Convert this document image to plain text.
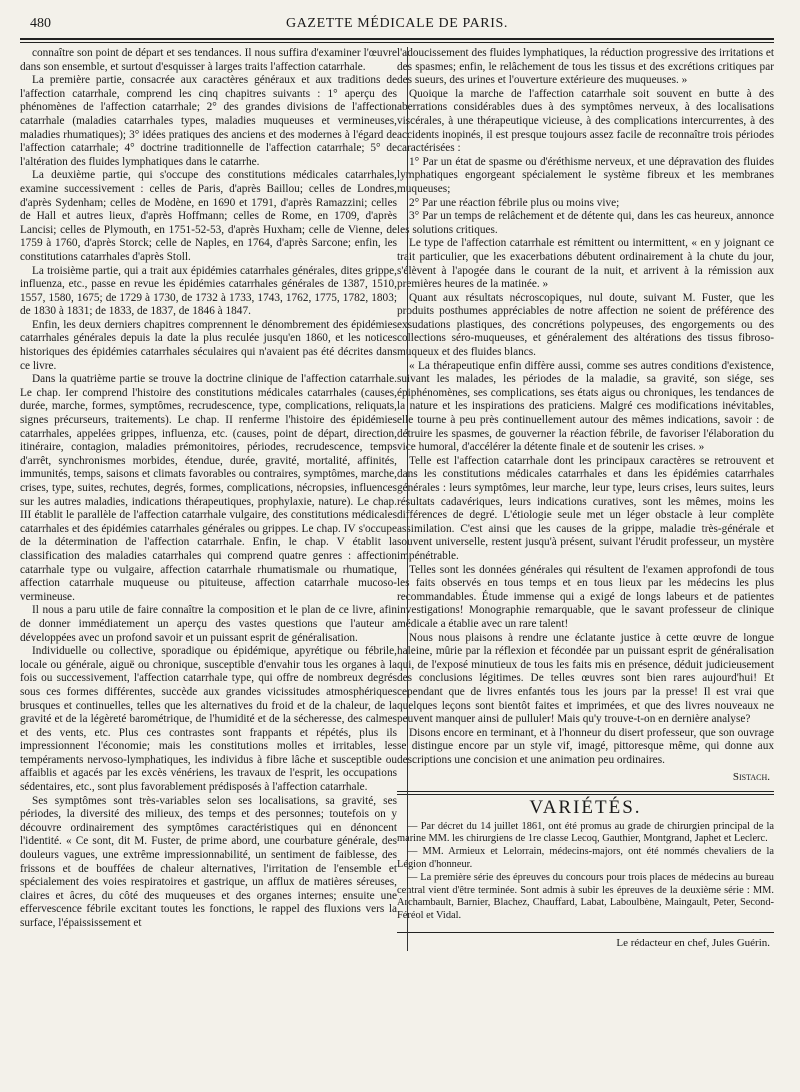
480	GAZETTE MÉDICALE DE PARIS.

connaître son point de départ et ses tendances. Il nous suffira d'examiner l'œuvre dans son ensemble, et surtout d'esquisser à larges traits l'affection catarrhale.

La première partie, consacrée aux caractères généraux et aux traditions de l'affection catarrhale, comprend les cinq chapitres suivants : 1° aperçu des phénomènes de l'affection catarrhale; 2° des grandes divisions de l'affection catarrhale (maladies catarrhales types, maladies muqueuses et vermineuses, maladies rhumatiques); 3° idées pratiques des anciens et des modernes à l'égard de l'affection catarrhale; 4° doctrine traditionnelle de l'affection catarrhale; 5° de l'altération des fluides lymphatiques dans le catarrhe.

La deuxième partie, qui s'occupe des constitutions médicales catarrhales, examine successivement : celles de Paris, d'après Baillou; celles de Londres, d'après Sydenham; celles de Modène, en 1690 et 1791, d'après Ramazzini; celles de Hall et autres lieux, d'après Hoffmann; celles de Rome, en 1709, d'après Lancisi; celles de Plymouth, en 1751-52-53, d'après Huxham; celle de Vienne, de 1759 à 1760, d'après Storck; celle de Naples, en 1764, d'après Sarcone; enfin, les constitutions catarrhales d'après Stoll.

La troisième partie, qui a trait aux épidémies catarrhales générales, dites grippe, influenza, etc., passe en revue les épidémies catarrhales générales de 1387, 1510, 1557, 1580, 1675; de 1729 à 1730, de 1732 à 1733, 1743, 1762, 1775, 1782, 1803; de 1830 à 1831; de 1833, de 1837, de 1846 à 1847.

Enfin, les deux derniers chapitres comprennent le dénombrement des épidémies catarrhales générales depuis la date la plus reculée jusqu'en 1860, et les notices historiques des épidémies catarrhales séculaires qui n'avaient pas été décrites dans ce livre.

Dans la quatrième partie se trouve la doctrine clinique de l'affection catarrhale. Le chap. Ier comprend l'histoire des constitutions médicales catarrhales (causes, durée, marche, formes, symptômes, recrudescence, type, complications, reliquats, signes précurseurs, traitements). Le chap. II renferme l'histoire des épidémies catarrhales, appelées grippes, influenza, etc. (causes, point de départ, direction, itinéraire, contagion, maladies prémonitoires, périodes, recrudescence, temps d'arrêt, synchronismes morbides, étendue, durée, gravité, mortalité, affinités, immunités, temps, saisons et climats favorables ou contraires, symptômes, marche, crises, type, suites, rechutes, degrés, formes, complications, nécropsies, influences sur les autres maladies, indications thérapeutiques, prophylaxie, nature). Le chap. III établit le parallèle de l'affection catarrhale vulgaire, des constitutions médicales catarrhales et des épidémies catarrhales générales ou grippes. Le chap. IV s'occupe de la détermination de l'affection catarrhale. Enfin, le chap. V établit la classification des maladies catarrhales qui comprend quatre genres : affection catarrhale type ou vulgaire, affection catarrhale rhumatismale ou rhumatique, affection catarrhale muqueuse ou pituiteuse, affection catarrhale mucoso-vermineuse.

Il nous a paru utile de faire connaître la composition et le plan de ce livre, afin de donner immédiatement un aperçu des vastes questions que l'auteur a développées avec un profond savoir et un puissant esprit de généralisation.

Individuelle ou collective, sporadique ou épidémique, apyrétique ou fébrile, locale ou générale, aiguë ou chronique, susceptible d'envahir tous les organes à la fois ou successivement, l'affection catarrhale type, qui offre de nombreux degrés sous ces formes différentes, succède aux grandes vicissitudes atmosphériques brusques et continuelles, telles que les alternatives du froid et de la chaleur, de la gravité et de la légèreté barométrique, de l'humidité et de la sécheresse, des calmes et des vents, etc. Plus ces contrastes sont frappants et répétés, plus ils impressionnent l'économie; mais les constitutions molles et irritables, les tempéraments nervoso-lymphatiques, les individus à fibre lâche et susceptible ou affaiblis et agacés par les excès vénériens, les travaux de l'esprit, les occupations sédentaires, etc., sont plus favorablement prédisposés à l'affection catarrhale.

Ses symptômes sont très-variables selon ses localisations, sa gravité, ses périodes, la diversité des milieux, des temps et des personnes; toutefois on y découvre ordinairement des symptômes caractéristiques qui en dénoncent l'identité. « Ce sont, dit M. Fuster, de prime abord, une courbature générale, des douleurs vagues, une extrême impressionnabilité, un sentiment de faiblesse, des frissons et de bouffées de chaleur alternatives, l'irritation de l'ensemble et spécialement des voies respiratoires et gastrique, un afflux de matières séreuses, claires et âcres, du côté des muqueuses et des organes internes; ensuite une effervescence fébrile excitant toutes les fonctions, le rappel des fluxions vers la surface, l'épaississement et

l'adoucissement des fluides lymphatiques, la réduction progressive des irritations et des spasmes; enfin, le relâchement de tous les tissus et des excrétions critiques par des sueurs, des urines et l'ouverture extérieure des muqueuses. »

Quoique la marche de l'affection catarrhale soit souvent en butte à des aberrations considérables dues à des symptômes nerveux, à des localisations viscérales, à une thérapeutique vicieuse, à des complications intercurrentes, à des accidents inopinés, il est presque toujours assez facile de reconnaître trois périodes caractérisées :

1° Par un état de spasme ou d'éréthisme nerveux, et une dépravation des fluides lymphatiques engorgeant spécialement le système fibreux et les membranes muqueuses;

2° Par une réaction fébrile plus ou moins vive;

3° Par un temps de relâchement et de détente qui, dans les cas heureux, annonce les solutions critiques.

Le type de l'affection catarrhale est rémittent ou intermittent, « en y joignant ce trait particulier, que les exacerbations débutent ordinairement à la chute du jour, s'élèvent à l'apogée dans le courant de la nuit, et arrivent à la rémission aux premières heures de la matinée. »

Quant aux résultats nécroscopiques, nul doute, suivant M. Fuster, que les produits posthumes appréciables de notre affection ne soient de préférence des exsudations plastiques, des concrétions polypeuses, des engorgements ou des collections séro-muqueuses, et généralement des altérations des tissus fibroso-muqueux et des fluides blancs.

« La thérapeutique enfin diffère aussi, comme ses autres conditions d'existence, suivant les malades, les périodes de la maladie, sa gravité, son siége, ses épiphénomènes, ses complications, ses états aigus ou chroniques, les tendances de la nature et les inspirations des praticiens. Malgré ces modifications inévitables, elle tourne à peu près continuellement autour des mêmes indications, savoir : de détruire les spasmes, de gouverner la réaction fébrile, de favoriser l'élaboration du vice humoral, d'accélérer la détente finale et de soutenir les crises. »

Telle est l'affection catarrhale dont les principaux caractères se retrouvent et dans les constitutions médicales catarrhales et dans les épidémies catarrhales générales : leurs symptômes, leur marche, leur type, leurs crises, leurs suites, leurs résultats cadavériques, leurs indications curatives, sont les mêmes, moins les différences de degré. L'étiologie seule met un léger obstacle à leur complète assimilation. C'est ainsi que les causes de la grippe, maladie très-générale et souvent universelle, restent jusqu'à présent, suivant l'érudit professeur, un mystère impénétrable.

Telles sont les données générales qui résultent de l'examen approfondi de tous les faits observés en tous temps et en tous lieux par les médecins les plus recommandables. Étude immense qui a exigé de longs labeurs et de patientes investigations! Monographie remarquable, que le savant professeur de clinique médicale a établie avec un rare talent!

Nous nous plaisons à rendre une éclatante justice à cette œuvre de longue haleine, mûrie par la réflexion et fécondée par un puissant esprit de généralisation qui, de l'exposé minutieux de tous les faits mis en présence, déduit judicieusement des conclusions légitimes. De telles œuvres sont bien rares aujourd'hui! Et cependant que de livres enfantés tous les jours par la presse! Il est vrai que quelques leçons sont bientôt faites et imprimées, et que des livres nouveaux ne peuvent manquer ainsi de pulluler! Mais qu'y trouve-t-on en dernière analyse?

Disons encore en terminant, et à l'honneur du disert professeur, que son ouvrage se distingue encore par un style vif, imagé, pittoresque même, qui donne aux descriptions une concision et une animation peu ordinaires.

Sistach.
VARIÉTÉS.

— Par décret du 14 juillet 1861, ont été promus au grade de chirurgien principal de la marine MM. les chirurgiens de 1re classe Lecoq, Gauthier, Montgrand, Japhet et Leclerc.

— MM. Armieux et Lelorrain, médecins-majors, ont été nommés chevaliers de la Légion d'honneur.

— La première série des épreuves du concours pour trois places de médecins au bureau central vient d'être terminée. Sont admis à subir les épreuves de la deuxième série : MM. Archambault, Barnier, Blachez, Chauffard, Labat, Laboulbène, Maingault, Peter, Second-Féréol et Vidal.

Le rédacteur en chef, Jules Guérin.
